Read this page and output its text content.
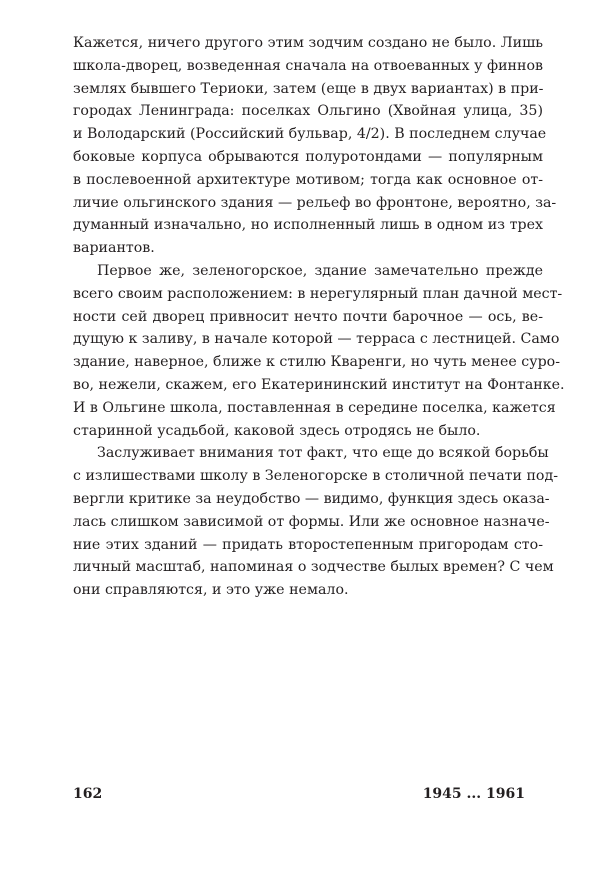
Кажется, ничего другого этим зодчим создано не было. Лишь
школа-дворец, возведенная сначала на отвоеванных у финнов
землях бывшего Териоки, затем (еще в двух вариантах) в при-
городах Ленинграда: поселках Ольгино (Хвойная улица, 35)
и Володарский (Российский бульвар, 4/2). В последнем случае
боковые корпуса обрываются полуротондами — популярным
в послевоенной архитектуре мотивом; тогда как основное от-
личие ольгинского здания — рельеф во фронтоне, вероятно, за-
думанный изначально, но исполненный лишь в одном из трех
вариантов.
Первое же, зеленогорское, здание замечательно прежде
всего своим расположением: в нерегулярный план дачной мест-
ности сей дворец привносит нечто почти барочное — ось, ве-
дущую к заливу, в начале которой — терраса с лестницей. Само
здание, наверное, ближе к стилю Кваренги, но чуть менее суро-
во, нежели, скажем, его Екатерининский институт на Фонтанке.
И в Ольгине школа, поставленная в середине поселка, кажется
старинной усадьбой, каковой здесь отродясь не было.
Заслуживает внимания тот факт, что еще до всякой борьбы
с излишествами школу в Зеленогорске в столичной печати под-
вергли критике за неудобство — видимо, функция здесь оказа-
лась слишком зависимой от формы. Или же основное назначе-
ние этих зданий — придать второстепенным пригородам сто-
личный масштаб, напоминая о зодчестве былых времен? С чем
они справляются, и это уже немало.
162	1945 ... 1961
